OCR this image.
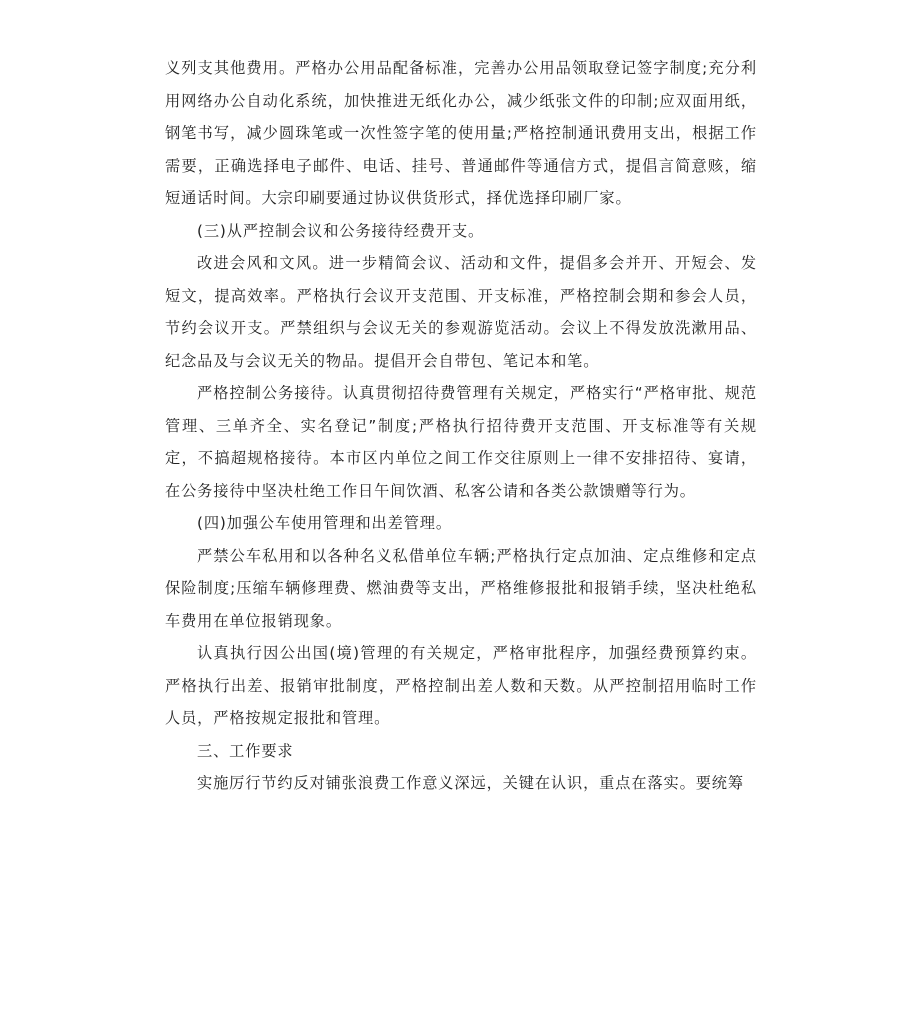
义列支其他费用。严格办公用品配备标准，完善办公用品领取登记签字制度;充分利用网络办公自动化系统，加快推进无纸化办公，减少纸张文件的印制;应双面用纸，钢笔书写，减少圆珠笔或一次性签字笔的使用量;严格控制通讯费用支出，根据工作需要，正确选择电子邮件、电话、挂号、普通邮件等通信方式，提倡言简意赅，缩短通话时间。大宗印刷要通过协议供货形式，择优选择印刷厂家。

(三)从严控制会议和公务接待经费开支。

改进会风和文风。进一步精简会议、活动和文件，提倡多会并开、开短会、发短文，提高效率。严格执行会议开支范围、开支标准，严格控制会期和参会人员，节约会议开支。严禁组织与会议无关的参观游览活动。会议上不得发放洗漱用品、纪念品及与会议无关的物品。提倡开会自带包、笔记本和笔。

严格控制公务接待。认真贯彻招待费管理有关规定，严格实行“严格审批、规范管理、三单齐全、实名登记”制度;严格执行招待费开支范围、开支标准等有关规定，不搞超规格接待。本市区内单位之间工作交往原则上一律不安排招待、宴请，在公务接待中坚决杜绝工作日午间饮酒、私客公请和各类公款馈赠等行为。

(四)加强公车使用管理和出差管理。

严禁公车私用和以各种名义私借单位车辆;严格执行定点加油、定点维修和定点保险制度;压缩车辆修理费、燃油费等支出，严格维修报批和报销手续，坚决杜绝私车费用在单位报销现象。

认真执行因公出国(境)管理的有关规定，严格审批程序，加强经费预算约束。严格执行出差、报销审批制度，严格控制出差人数和天数。从严控制招用临时工作人员，严格按规定报批和管理。

三、工作要求

实施厉行节约反对铺张浪费工作意义深远，关键在认识，重点在落实。要统筹
